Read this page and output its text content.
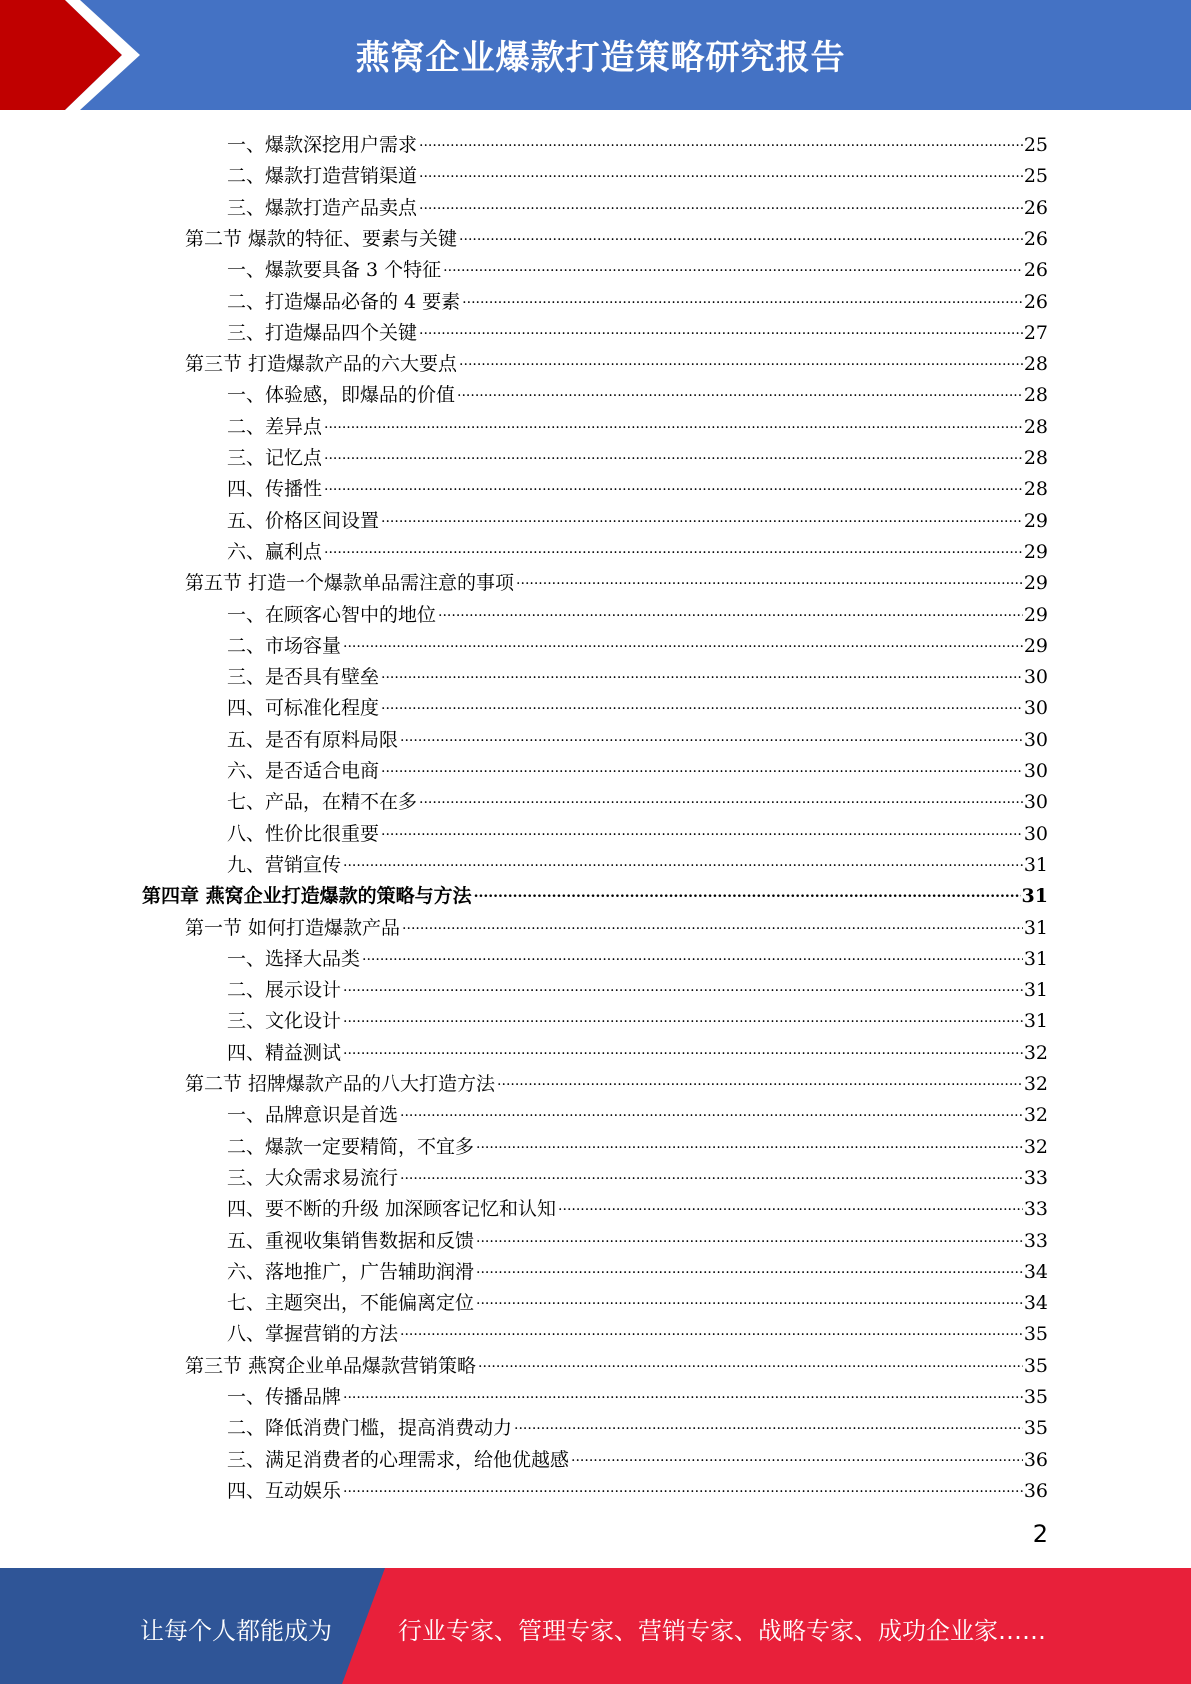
燕窝企业爆款打造策略研究报告
一、爆款深挖用户需求 .....	25
二、爆款打造营销渠道 .....	25
三、爆款打造产品卖点 .....	26
第二节 爆款的特征、要素与关键 .....	26
一、爆款要具备 3 个特征 .....	26
二、打造爆品必备的 4 要素 .....	26
三、打造爆品四个关键 .....	27
第三节 打造爆款产品的六大要点 .....	28
一、体验感，即爆品的价值 .....	28
二、差异点 .....	28
三、记忆点 .....	28
四、传播性 .....	28
五、价格区间设置 .....	29
六、赢利点 .....	29
第五节 打造一个爆款单品需注意的事项 .....	29
一、在顾客心智中的地位 .....	29
二、市场容量 .....	29
三、是否具有壁垒 .....	30
四、可标准化程度 .....	30
五、是否有原料局限 .....	30
六、是否适合电商 .....	30
七、产品，在精不在多 .....	30
八、性价比很重要 .....	30
九、营销宣传 .....	31
第四章 燕窝企业打造爆款的策略与方法 .....	31
第一节 如何打造爆款产品 .....	31
一、选择大品类 .....	31
二、展示设计 .....	31
三、文化设计 .....	31
四、精益测试 .....	32
第二节 招牌爆款产品的八大打造方法 .....	32
一、品牌意识是首选 .....	32
二、爆款一定要精简，不宜多 .....	32
三、大众需求易流行 .....	33
四、要不断的升级 加深顾客记忆和认知 .....	33
五、重视收集销售数据和反馈 .....	33
六、落地推广，广告辅助润滑 .....	34
七、主题突出，不能偏离定位 .....	34
八、掌握营销的方法 .....	35
第三节 燕窝企业单品爆款营销策略 .....	35
一、传播品牌 .....	35
二、降低消费门槛，提高消费动力 .....	35
三、满足消费者的心理需求，给他优越感 .....	36
四、互动娱乐 .....	36
2
让每个人都能成为	行业专家、管理专家、营销专家、战略专家、成功企业家……
